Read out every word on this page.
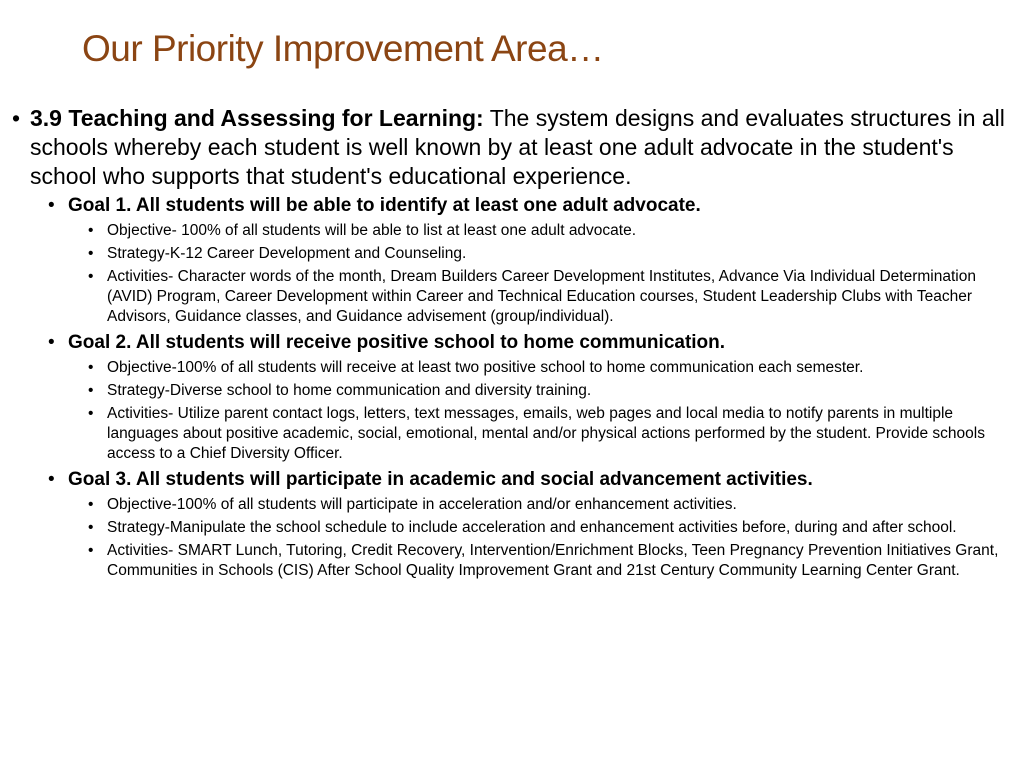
Our Priority Improvement Area…
• 3.9 Teaching and Assessing for Learning: The system designs and evaluates structures in all schools whereby each student is well known by at least one adult advocate in the student's school who supports that student's educational experience.
• Goal 1. All students will be able to identify at least one adult advocate.
• Objective- 100% of all students will be able to list at least one adult advocate.
• Strategy-K-12 Career Development and Counseling.
• Activities- Character words of the month, Dream Builders Career Development Institutes, Advance Via Individual Determination (AVID) Program, Career Development within Career and Technical Education courses, Student Leadership Clubs with Teacher Advisors, Guidance classes, and Guidance advisement (group/individual).
• Goal 2. All students will receive positive school to home communication.
• Objective-100% of all students will receive at least two positive school to home communication each semester.
• Strategy-Diverse school to home communication and diversity training.
• Activities- Utilize parent contact logs, letters, text messages, emails, web pages and local media to notify parents in multiple languages about positive academic, social, emotional, mental and/or physical actions performed by the student. Provide schools access to a Chief Diversity Officer.
• Goal 3. All students will participate in academic and social advancement activities.
• Objective-100% of all students will participate in acceleration and/or enhancement activities.
• Strategy-Manipulate the school schedule to include acceleration and enhancement activities before, during and after school.
• Activities- SMART Lunch, Tutoring, Credit Recovery, Intervention/Enrichment Blocks, Teen Pregnancy Prevention Initiatives Grant, Communities in Schools (CIS) After School Quality Improvement Grant and 21st Century Community Learning Center Grant.
